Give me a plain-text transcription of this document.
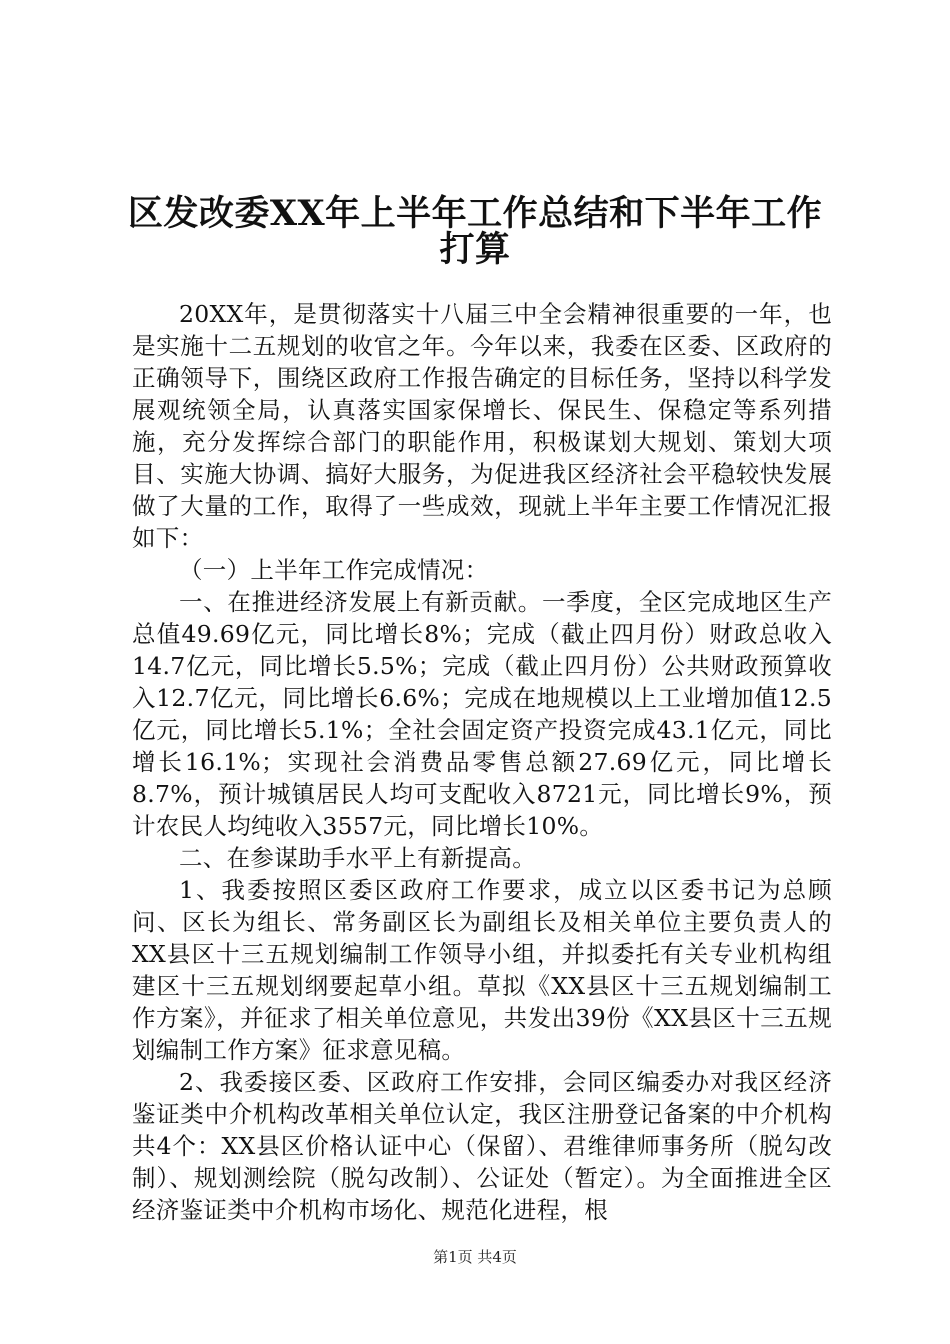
区发改委XX年上半年工作总结和下半年工作
打算

20XX年，是贯彻落实十八届三中全会精神很重要的一年，也是实施十二五规划的收官之年。今年以来，我委在区委、区政府的正确领导下，围绕区政府工作报告确定的目标任务，坚持以科学发展观统领全局，认真落实国家保增长、保民生、保稳定等系列措施，充分发挥综合部门的职能作用，积极谋划大规划、策划大项目、实施大协调、搞好大服务，为促进我区经济社会平稳较快发展做了大量的工作，取得了一些成效，现就上半年主要工作情况汇报如下：

（一）上半年工作完成情况：

一、在推进经济发展上有新贡献。一季度，全区完成地区生产总值49.69亿元，同比增长8%；完成（截止四月份）财政总收入14.7亿元，同比增长5.5%；完成（截止四月份）公共财政预算收入12.7亿元，同比增长6.6%；完成在地规模以上工业增加值12.5亿元，同比增长5.1%；全社会固定资产投资完成43.1亿元，同比增长16.1%；实现社会消费品零售总额27.69亿元，同比增长8.7%，预计城镇居民人均可支配收入8721元，同比增长9%，预计农民人均纯收入3557元，同比增长10%。

二、在参谋助手水平上有新提高。

1、我委按照区委区政府工作要求，成立以区委书记为总顾问、区长为组长、常务副区长为副组长及相关单位主要负责人的XX县区十三五规划编制工作领导小组，并拟委托有关专业机构组建区十三五规划纲要起草小组。草拟《XX县区十三五规划编制工作方案》，并征求了相关单位意见，共发出39份《XX县区十三五规划编制工作方案》征求意见稿。

2、我委接区委、区政府工作安排，会同区编委办对我区经济鉴证类中介机构改革相关单位认定，我区注册登记备案的中介机构共4个：XX县区价格认证中心（保留）、君维律师事务所（脱勾改制）、规划测绘院（脱勾改制）、公证处（暂定）。为全面推进全区经济鉴证类中介机构市场化、规范化进程，根

第1页 共4页
